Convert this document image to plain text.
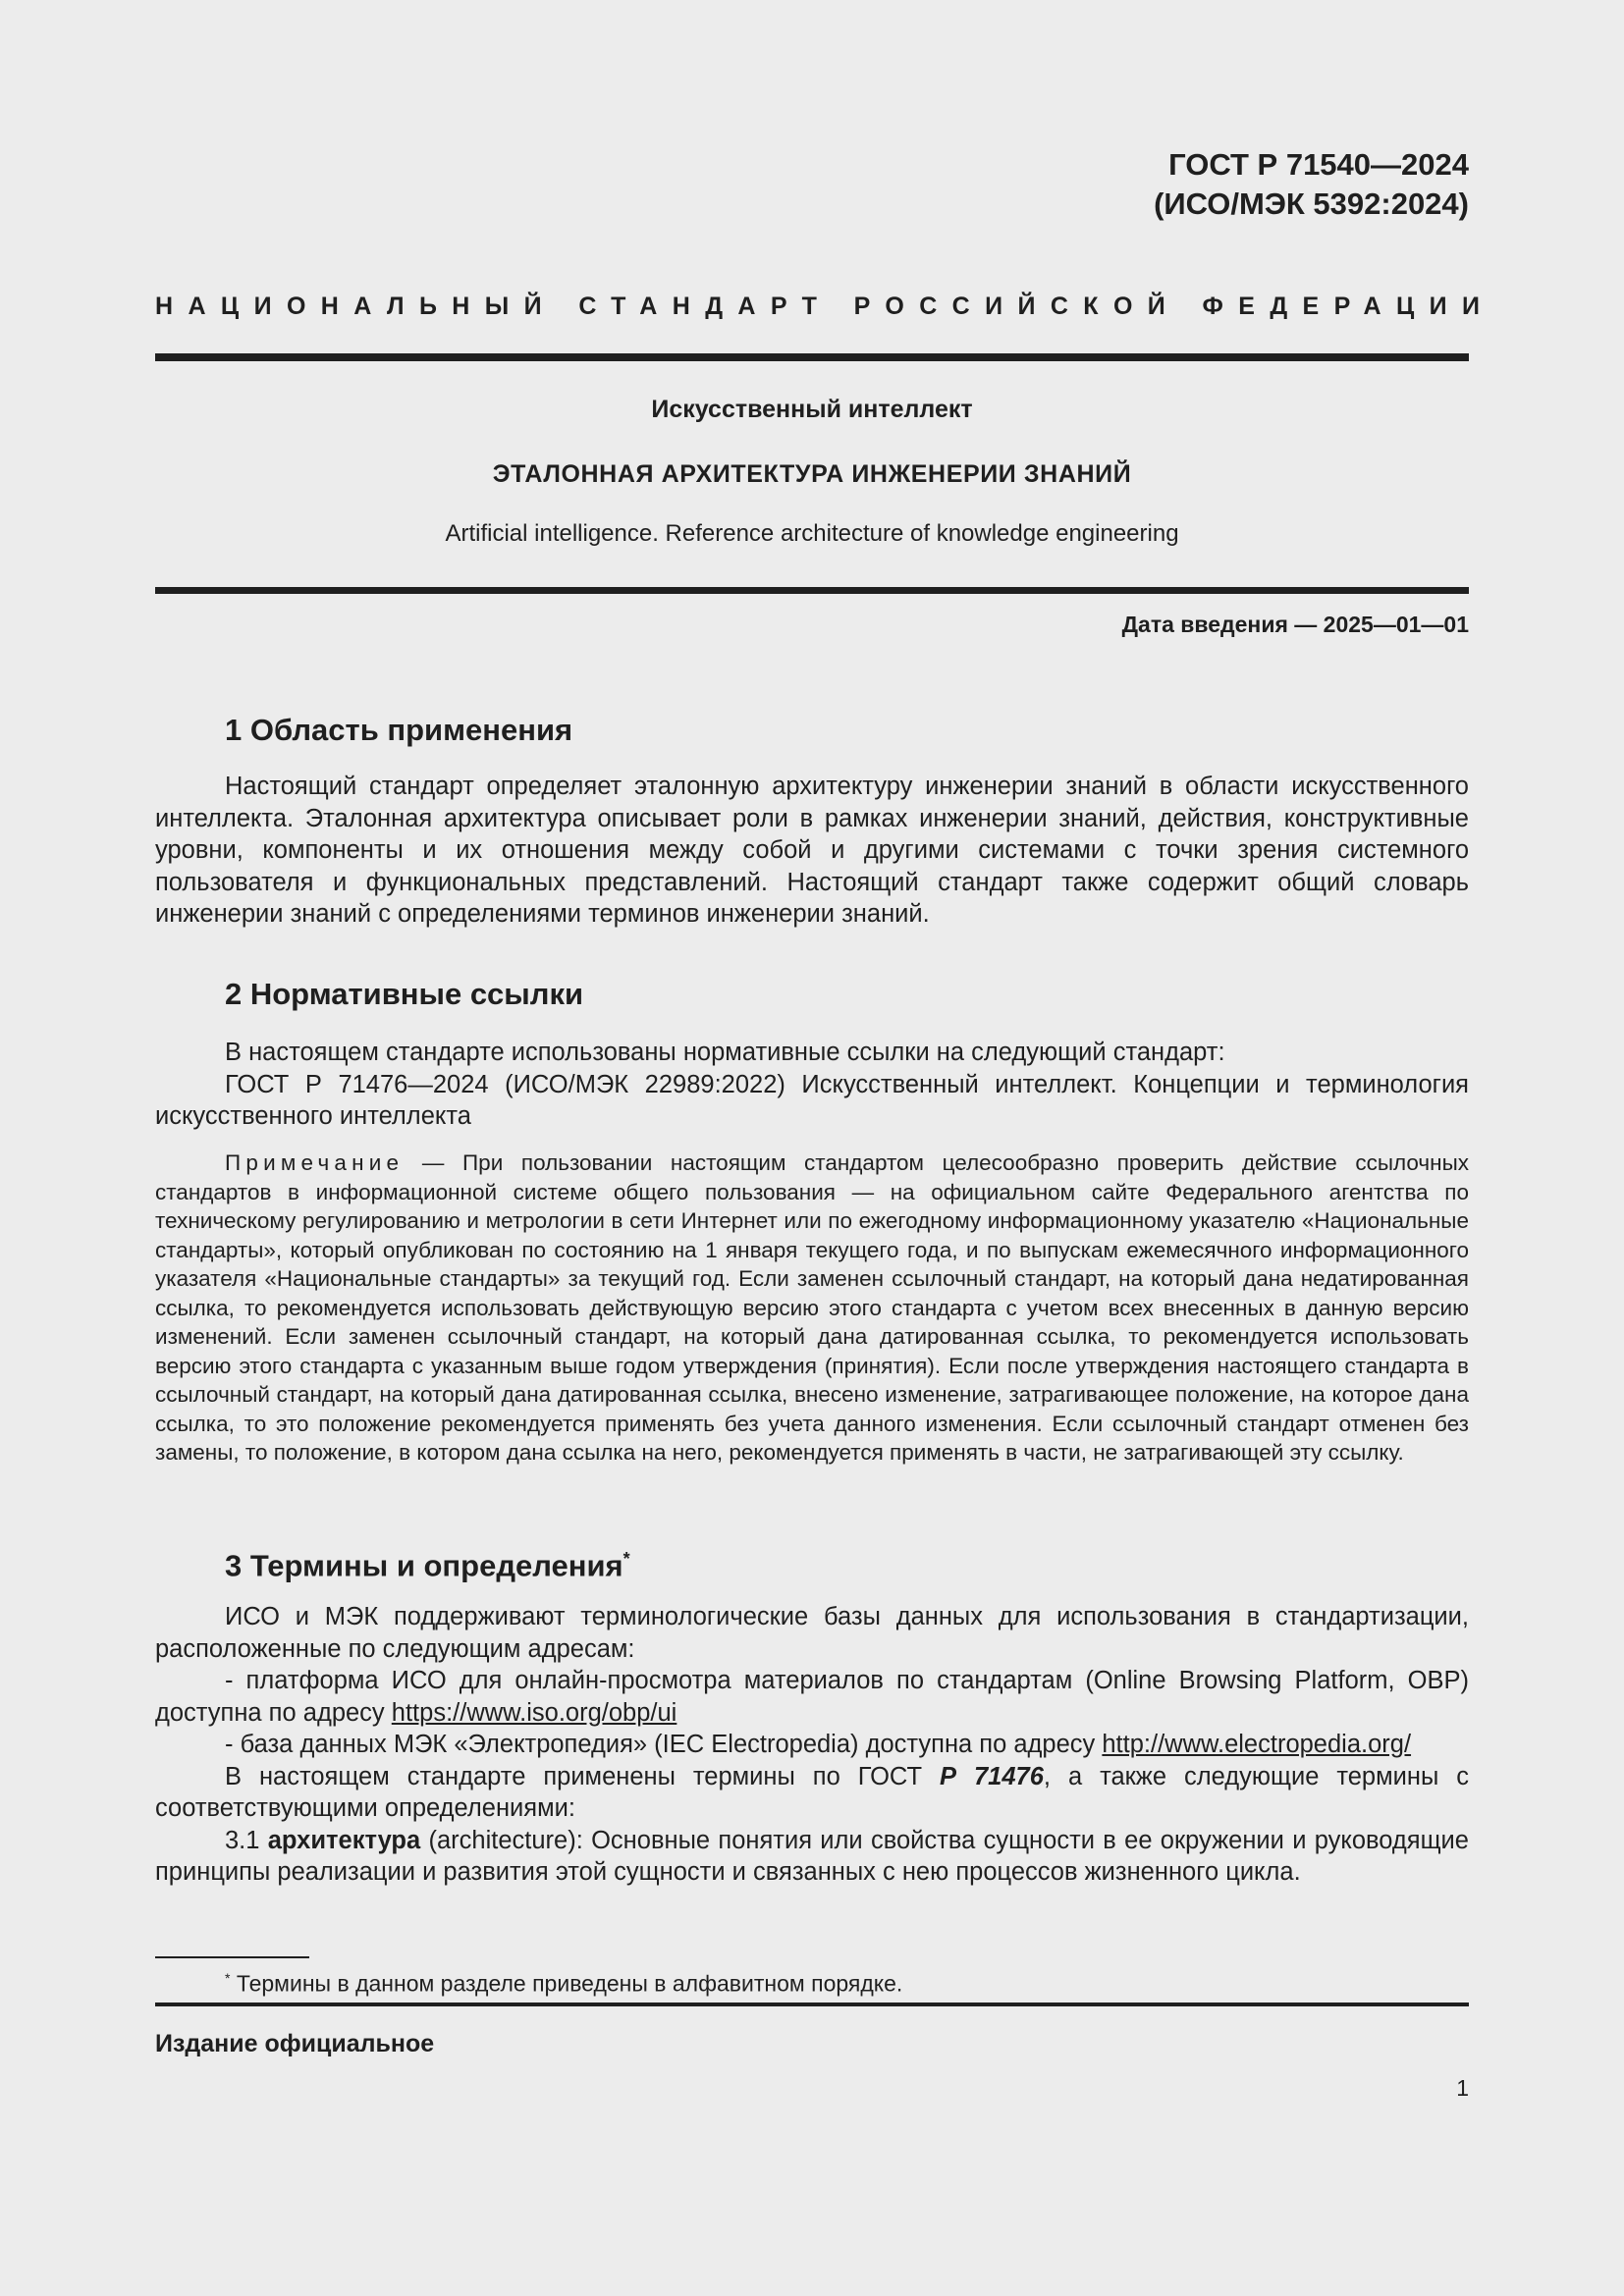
ГОСТ Р 71540—2024
(ИСО/МЭК 5392:2024)
НАЦИОНАЛЬНЫЙ СТАНДАРТ РОССИЙСКОЙ ФЕДЕРАЦИИ
Искусственный интеллект
ЭТАЛОННАЯ АРХИТЕКТУРА ИНЖЕНЕРИИ ЗНАНИЙ
Artificial intelligence. Reference architecture of knowledge engineering
Дата введения — 2025—01—01
1 Область применения

Настоящий стандарт определяет эталонную архитектуру инженерии знаний в области искусственного интеллекта. Эталонная архитектура описывает роли в рамках инженерии знаний, действия, конструктивные уровни, компоненты и их отношения между собой и другими системами с точки зрения системного пользователя и функциональных представлений. Настоящий стандарт также содержит общий словарь инженерии знаний с определениями терминов инженерии знаний.

2 Нормативные ссылки

В настоящем стандарте использованы нормативные ссылки на следующий стандарт:

ГОСТ Р 71476—2024 (ИСО/МЭК 22989:2022) Искусственный интеллект. Концепции и терминология искусственного интеллекта

Примечание — При пользовании настоящим стандартом целесообразно проверить действие ссылочных стандартов в информационной системе общего пользования — на официальном сайте Федерального агентства по техническому регулированию и метрологии в сети Интернет или по ежегодному информационному указателю «Национальные стандарты», который опубликован по состоянию на 1 января текущего года, и по выпускам ежемесячного информационного указателя «Национальные стандарты» за текущий год. Если заменен ссылочный стандарт, на который дана недатированная ссылка, то рекомендуется использовать действующую версию этого стандарта с учетом всех внесенных в данную версию изменений. Если заменен ссылочный стандарт, на который дана датированная ссылка, то рекомендуется использовать версию этого стандарта с указанным выше годом утверждения (принятия). Если после утверждения настоящего стандарта в ссылочный стандарт, на который дана датированная ссылка, внесено изменение, затрагивающее положение, на которое дана ссылка, то это положение рекомендуется применять без учета данного изменения. Если ссылочный стандарт отменен без замены, то положение, в котором дана ссылка на него, рекомендуется применять в части, не затрагивающей эту ссылку.

3 Термины и определения*

ИСО и МЭК поддерживают терминологические базы данных для использования в стандартизации, расположенные по следующим адресам:

- платформа ИСО для онлайн-просмотра материалов по стандартам (Online Browsing Platform, OBP) доступна по адресу https://www.iso.org/obp/ui

- база данных МЭК «Электропедия» (IEC Electropedia) доступна по адресу http://www.electropedia.org/

В настоящем стандарте применены термины по ГОСТ Р 71476, а также следующие термины с соответствующими определениями:

3.1 архитектура (architecture): Основные понятия или свойства сущности в ее окружении и руководящие принципы реализации и развития этой сущности и связанных с нею процессов жизненного цикла.

* Термины в данном разделе приведены в алфавитном порядке.
Издание официальное
1
